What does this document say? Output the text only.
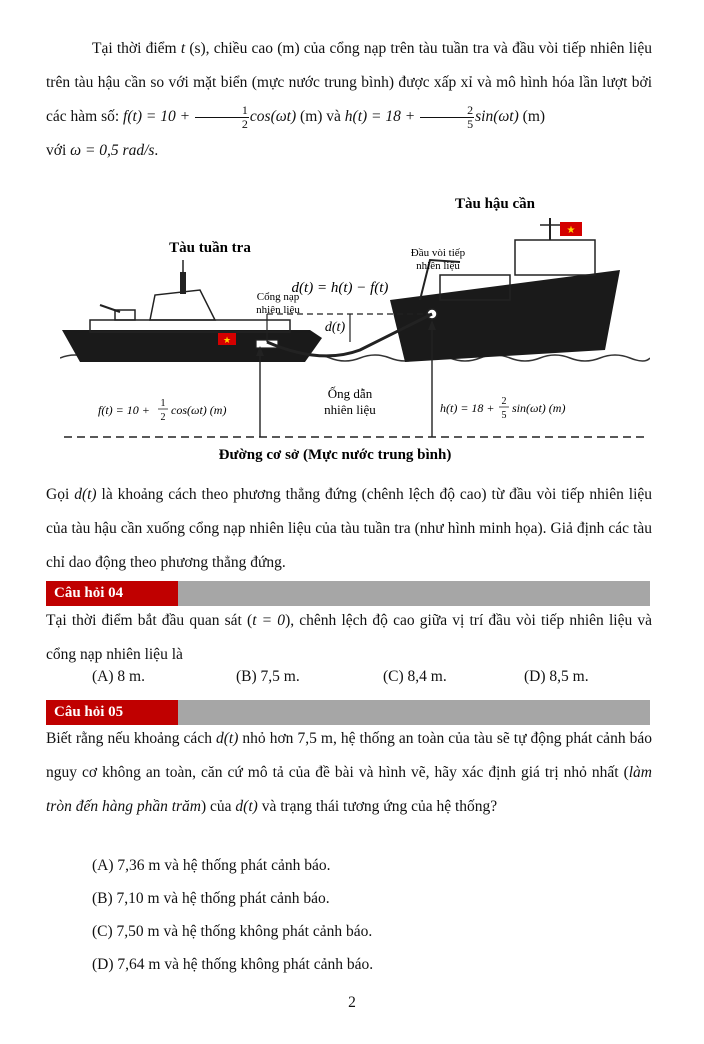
Tại thời điểm t (s), chiều cao (m) của cổng nạp trên tàu tuần tra và đầu vòi tiếp nhiên liệu trên tàu hậu cần so với mặt biển (mực nước trung bình) được xấp xỉ và mô hình hóa lần lượt bởi các hàm số: $f(t) = 10 + \frac{1}{2} \cos(\omega t)$ (m) và $h(t) = 18 + \frac{2}{5} \sin(\omega t)$ (m)
với ω = 0,5 rad/s.
Đường cơ sở (Mực nước trung bình)
★
★
Tàu hậu cần
Tàu tuần tra	Đầu vòi tiếp
nhiên liệu
d(t) = h(t) − f(t)
Cổng nạp
nhiên liệu
d(t)
Ống dẫn
nhiên liệu
f(t) = 10 + 1
2
cos(ωt) (m)	h(t) = 18 + 2
5
sin(ωt) (m)
Gọi d(t) là khoảng cách theo phương thẳng đứng (chênh lệch độ cao) từ đầu vòi tiếp nhiên liệu của tàu hậu cần xuống cổng nạp nhiên liệu của tàu tuần tra (như hình minh họa). Giả định các tàu chỉ dao động theo phương thẳng đứng.
Câu hỏi 04
Tại thời điểm bắt đầu quan sát (t = 0), chênh lệch độ cao giữa vị trí đầu vòi tiếp nhiên liệu và cổng nạp nhiên liệu là
(A) 8 m.	(B) 7,5 m.	(C) 8,4 m.	(D) 8,5 m.
Câu hỏi 05
Biết rằng nếu khoảng cách d(t) nhỏ hơn 7,5 m, hệ thống an toàn của tàu sẽ tự động phát cảnh báo nguy cơ không an toàn, căn cứ mô tả của đề bài và hình vẽ, hãy xác định giá trị nhỏ nhất (làm tròn đến hàng phần trăm) của d(t) và trạng thái tương ứng của hệ thống?
(A) 7,36 m và hệ thống phát cảnh báo.
(B) 7,10 m và hệ thống phát cảnh báo.
(C) 7,50 m và hệ thống không phát cảnh báo.
(D) 7,64 m và hệ thống không phát cảnh báo.
2
